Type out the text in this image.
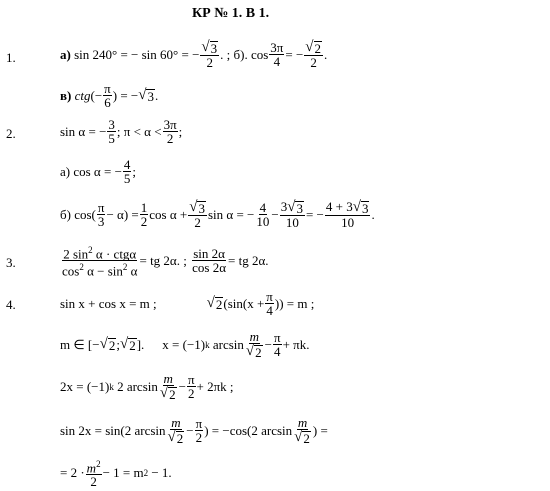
КР № 1. В 1.
1.
2.
3.
4.
а)
sin 240° = − sin 60° = − $\frac{√ 3}{2}$ . ; б). $\cos \frac{3\pi}{4}$ = − $\frac{√ 2}{2}$ .
в)
ctg (− $\frac{\pi}{6}$ ) = − √ 3 .
sin α = − $\frac{3}{5}$ ; $\pi < \alpha < \frac{3\pi}{2}$ ;
а) cos α = − $\frac{4}{5}$ ;
б) $\cos( \frac{\pi}{3} - \alpha) = \frac{1}{2}$ $\cos \alpha + \frac{√ 3}{2}$ sin α = − $\frac{4}{10} - \frac{3 √ 3}{10}$ = − $\frac{4 + 3 √ 3}{10}$ .
$\frac{2 \sin^2 \alpha \cdot ctg\alpha}{\cos^2 \alpha - \sin^2 \alpha}$ = tg 2α. ;
$\frac{\sin 2\alpha}{\cos 2\alpha}$ = tg 2α.
sin x + cos x = m ;	√ 2 ($\sin(x + \frac{\pi}{4}$ )) = m ;
m ∈ [− √ 2 ; √ 2 ]. x = (−1) k
$\arcsin \frac{m}{√ 2} - \frac{\pi}{4} + \pi k$.
2x = (−1) k
2 $\arcsin \frac{m}{√ 2} - \frac{\pi}{2} + 2\pi k$ ;
sin 2x = sin(2 $\arcsin \frac{m}{√ 2} - \frac{\pi}{2}$ ) = −cos(2 $\arcsin \frac{m}{√ 2}$ ) =
= $2 \cdot \frac{m^2}{2} - 1 = m$ 2
− 1.
